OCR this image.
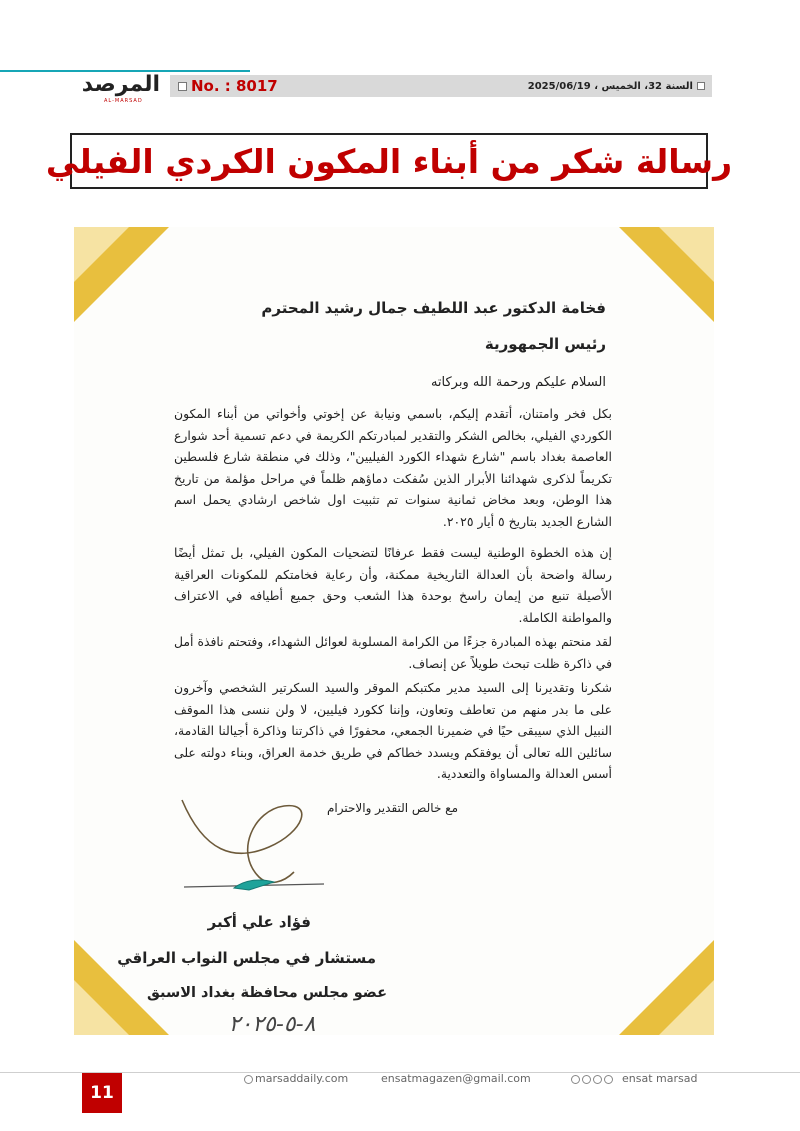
المرصد
AL-MARSAD
No. : 8017	السنة 32، الخميس ، 2025/06/19
رسالة شكر من أبناء المكون الكردي الفيلي
فخامة الدكتور عبد اللطيف جمال رشيد المحترم
رئيس الجمهورية
السلام عليكم ورحمة الله وبركاته
بكل فخر وامتنان، أتقدم إليكم، باسمي ونيابة عن إخوتي وأخواتي من أبناء المكون الكوردي الفيلي، بخالص الشكر والتقدير لمبادرتكم الكريمة في دعم تسمية أحد شوارع العاصمة بغداد باسم "شارع شهداء الكورد الفيليين"، وذلك في منطقة شارع فلسطين تكريماً لذكرى شهدائنا الأبرار الذين سُفكت دماؤهم ظلماً في مراحل مؤلمة من تاريخ هذا الوطن، وبعد مخاض ثمانية سنوات تم تثبيت اول شاخص ارشادي يحمل اسم الشارع الجديد بتاريخ ٥ أيار ٢٠٢٥.
إن هذه الخطوة الوطنية ليست فقط عرفانًا لتضحيات المكون الفيلي، بل تمثل أيضًا رسالة واضحة بأن العدالة التاريخية ممكنة، وأن رعاية فخامتكم للمكونات العراقية الأصيلة تنبع من إيمان راسخ بوحدة هذا الشعب وحق جميع أطيافه في الاعتراف والمواطنة الكاملة.
لقد منحتم بهذه المبادرة جزءًا من الكرامة المسلوبة لعوائل الشهداء، وفتحتم نافذة أمل في ذاكرة ظلت تبحث طويلاً عن إنصاف.
شكرنا وتقديرنا إلى السيد مدير مكتبكم الموقر والسيد السكرتير الشخصي وآخرون على ما بدر منهم من تعاطف وتعاون، وإننا ككورد فيليين، لا ولن ننسى هذا الموقف النبيل الذي سيبقى حيًا في ضميرنا الجمعي، محفورًا في ذاكرتنا وذاكرة أجيالنا القادمة، سائلين الله تعالى أن يوفقكم ويسدد خطاكم في طريق خدمة العراق، وبناء دولته على أسس العدالة والمساواة والتعددية.
مع خالص التقدير والاحترام
فؤاد علي أكبر
مستشار في مجلس النواب العراقي
عضو مجلس محافظة بغداد الاسبق
٨-٥-٢٠٢٥
11
marsaddaily.com	ensatmagazen@gmail.com	ensat marsad
